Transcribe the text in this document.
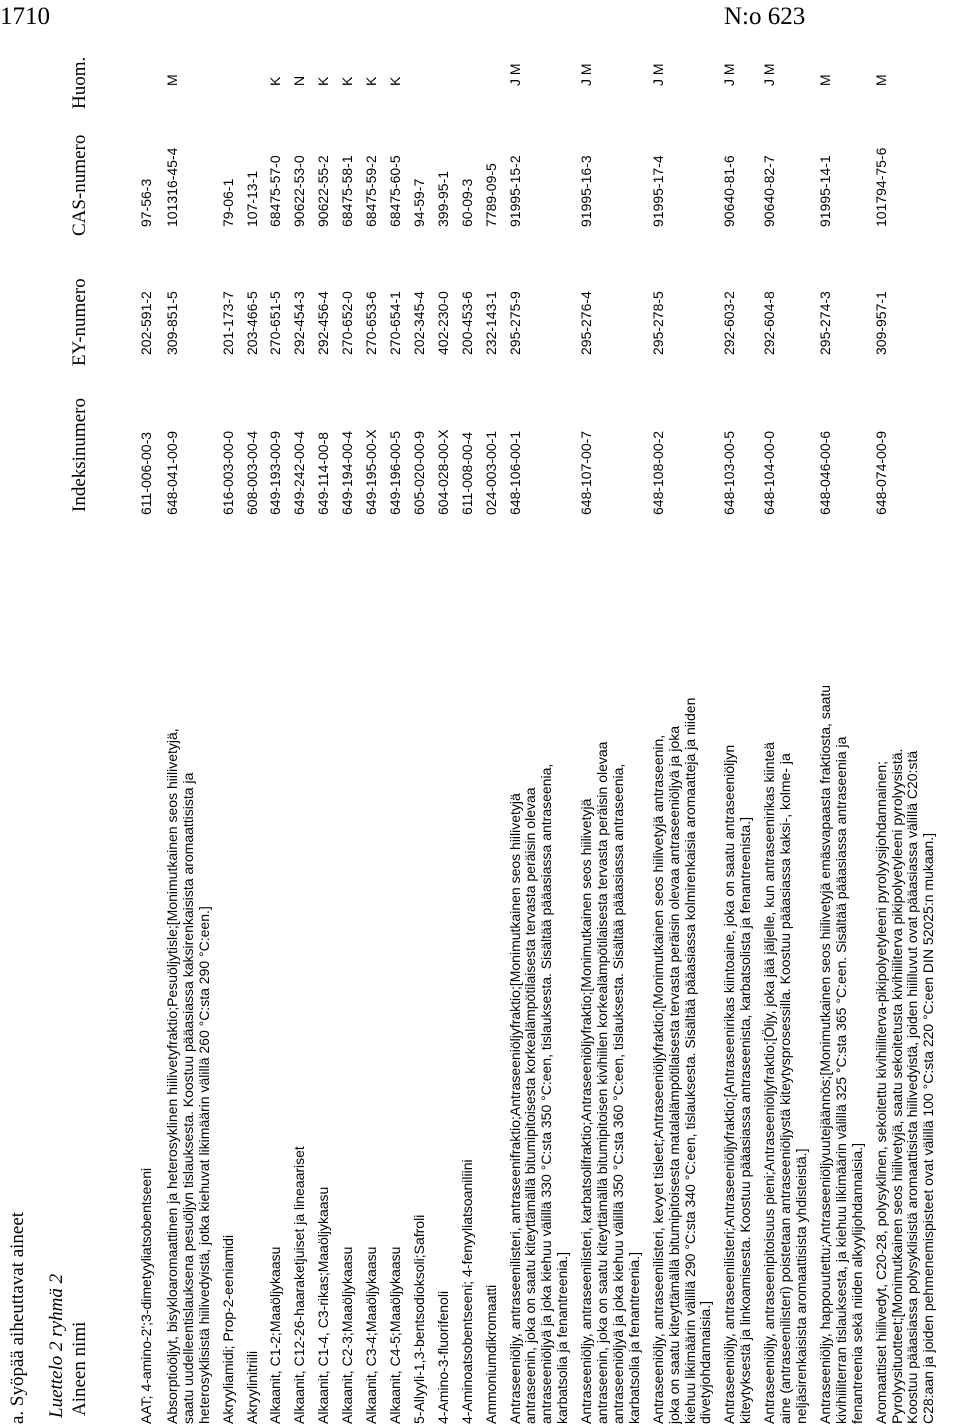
1710	N:o 623
a. Syöpää aiheuttavat aineet Luettelo 2 ryhmä 2 Aineen nimi
Indeksinumero
EY-numero
CAS-numero
Huom.
AAT; 4-amino-2';3-dimetyyliatsobentseeni
611-006-00-3
202-591-2
97-56-3
Absorptioöljyt, bisykloaromaattinen ja heterosyklinen hiilivetyfraktio;Pesuöljytisle;[Monimutkainen seos hiilivetyjä, saatu uudelleentislauksena pesuöljyn tislauksesta. Koostuu pääasiassa kaksirenkaisista aromaattisista ja heterosyklisistä hiilivedyistä, jotka kiehuvat likimäärin välillä 260 °C:sta 290 °C:een.]
648-041-00-9
309-851-5
101316-45-4
M
Akryyliamidi; Prop-2-eeniamidi
616-003-00-0
201-173-7
79-06-1
Akryylinitriili
608-003-00-4
203-466-5
107-13-1
Alkaanit, C1-2;Maaöljykaasu
649-193-00-9
270-651-5
68475-57-0
K
Alkaanit, C12-26-haaraketjuiset ja lineaariset
649-242-00-4
292-454-3
90622-53-0
N
Alkaanit, C1-4, C3-rikas;Maaöljykaasu
649-114-00-8
292-456-4
90622-55-2
K
Alkaanit, C2-3;Maaöljykaasu
649-194-00-4
270-652-0
68475-58-1
K
Alkaanit, C3-4;Maaöljykaasu
649-195-00-X
270-653-6
68475-59-2
K
Alkaanit, C4-5;Maaöljykaasu
649-196-00-5
270-654-1
68475-60-5
K
5-Allyyli-1,3-bentsodioksoli;Safroli
605-020-00-9
202-345-4
94-59-7
4-Amino-3-fluorifenoli
604-028-00-X
402-230-0
399-95-1
4-Aminoatsobentseeni; 4-fenyyliatsoaniliini
611-008-00-4
200-453-6
60-09-3
Ammoniumdikromaatti
024-003-00-1
232-143-1
7789-09-5
Antraseeniöljy, antraseenilisteri, antraseenifraktio;Antraseeniöljyfraktio;[Monimutkainen seos hiilivetyjä antraseenin, joka on saatu kiteyttämällä bitumipitoisesta korkealämpötilaisesta tervasta peräisin olevaa antraseeniöljyä ja joka kiehuu välillä 330 °C:sta 350 °C:een, tislauksesta. Sisältää pääasiassa antraseenia, karbatsolia ja fenantreenia.]
648-106-00-1
295-275-9
91995-15-2
J M
Antraseeniöljy, antraseenilisteri, karbatsolifraktio;Antraseeniöljyfraktio;[Monimutkainen seos hiilivetyjä antraseenin, joka on saatu kiteyttämällä bitumipitoisen kivihiilen korkealämpötilaisesta tervasta peräisin olevaa antraseeniöljyä ja joka kiehuu välillä 350 °C:sta 360 °C:een, tislauksesta. Sisältää pääasiassa antraseenia, karbatsolia ja fenantreenia.]
648-107-00-7
295-276-4
91995-16-3
J M
Antraseeniöljy, antraseenilisteri, kevyet tisleet;Antraseeniöljyfraktio;[Monimutkainen seos hiilivetyjä antraseenin, joka on saatu kiteyttämällä bitumipitoisesta matalalämpötilaisesta tervasta peräisin olevaa antraseeniöljyä ja joka kiehuu likimäärin välillä 290 °C:sta 340 °C:een, tislauksesta. Sisältää pääasiassa kolmirenkaisia aromaatteja ja niiden divetyjohdannaisia.]
648-108-00-2
295-278-5
91995-17-4
J M
Antraseeniöljy, antraseenilisteri;Antraseeniöljyfraktio;[Antraseenirikas kiintoaine, joka on saatu antraseeniöljyn kiteytyksestä ja linkoamisesta. Koostuu pääasiassa antraseenista, karbatsolista ja fenantreenista.]
648-103-00-5
292-603-2
90640-81-6
J M
Antraseeniöljy, antraseenipitoisuus pieni;Antraseeniöljyfraktio;[Öljy, joka jää jäljelle, kun antraseenirikas kiinteä aine (antraseenilisteri) poistetaan antraseeniöljystä kiteytysprosessilla. Koostuu pääasiassa kaksi-, kolme- ja neljäsirenkaisista aromaattisista yhdisteistä.]
648-104-00-0
292-604-8
90640-82-7
J M
Antraseeniöljy, happouutettu;Antraseeniöljyuutejäännös;[Monimutkainen seos hiilivetyjä emäsvapaasta fraktiosta, saatu kivihiiliterran tislauksesta, ja kiehuu likimäärin välillä 325 °C:sta 365 °C:een. Sisältää pääasiassa antraseenia ja fenantreenia sekä niiden alkyylijohdannaisia.]
648-046-00-6
295-274-3
91995-14-1
M
Aromaattiset hiilivedyt, C20-28, polysyklinen, sekoitettu kivihiiliterva-pikipolyetyleeni pyrolyysijohdannainen; Pyrolyysituotteet;[Monimutkainen seos hiilivetyjä, saatu sekoitetusta kivihiiliterva pikipolyetyleeni pyrolyysistä. Koostuu pääasiassa polysyklisistä aromaattisista hiilivedyistä, joiden hiililuvut ovat pääasiassa välillä C20:stä C28:aan ja joiden pehmenemispisteet ovat välillä 100 °C:sta 220 °C:een DIN 52025:n mukaan.]
648-074-00-9
309-957-1
101794-75-6
M
